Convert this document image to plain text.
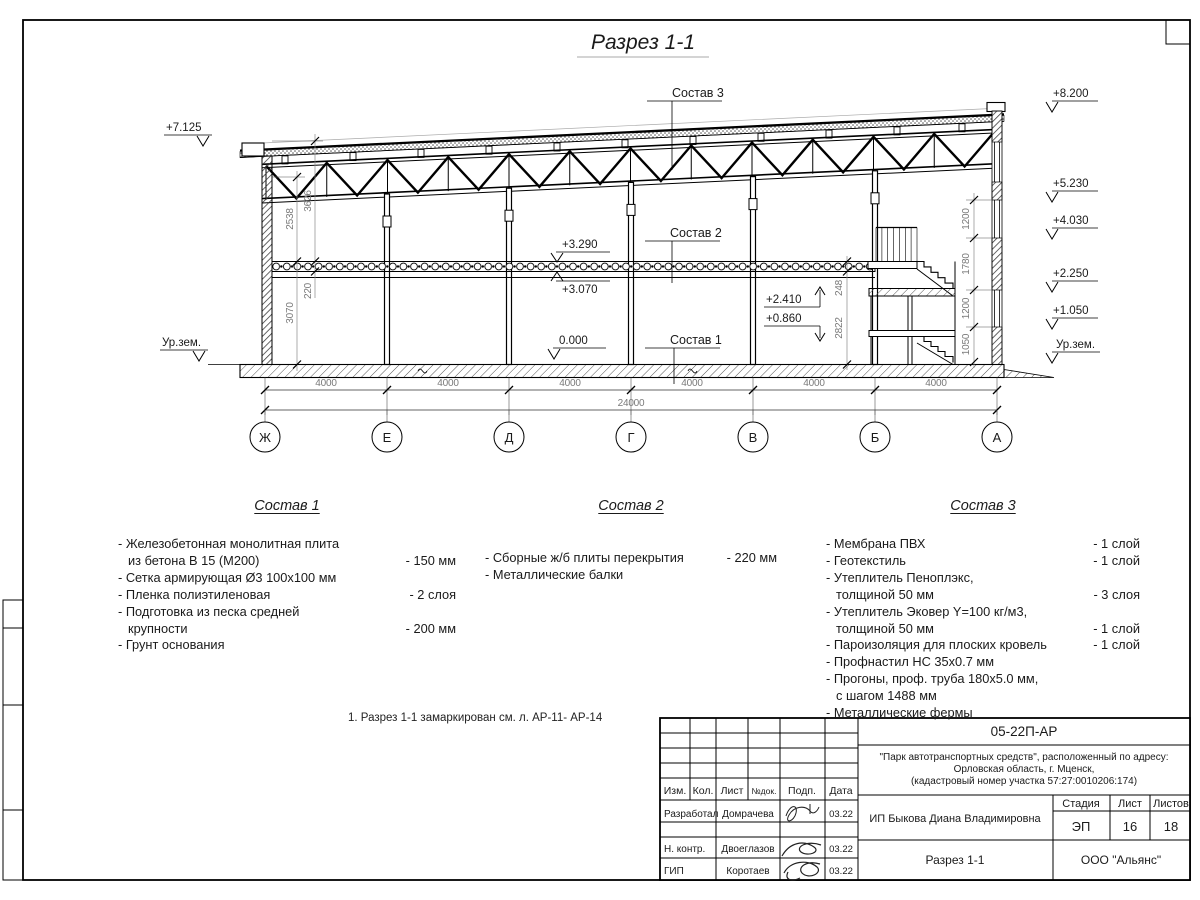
Разрез 1-1
+7.125
Ур.зем.
+8.200
+5.230
+4.030
+2.250
+1.050
Ур.зем.
+3.290
+3.070
0.000
+2.410
+0.860
Состав 3
Состав 2
Состав 1
2538
3070
3626
220	248
2822
1200
1780
1200
1050
4000	4000	4000	4000	4000	4000
24000
Ж	Е	Д	Г	В	Б	А
Изм. Кол. Лист №док. Подп. Дата
Разработал Домрачева	03.22
Н. контр. Двоеглазов	03.22
ГИП	Коротаев	03.22
05-22П-АР
"Парк автотранспортных средств", расположенный по адресу:
Орловская область, г. Мценск,
(кадастровый номер участка 57:27:0010206:174)
ИП Быкова Диана Владимировна
Разрез 1-1
Стадия Лист Листов
ЭП 16 18
ООО "Альянс"
Состав 1
- Железобетонная монолитная плита
из бетона В 15 (М200)	- 150 мм
- Сетка армирующая Ø3 100х100 мм
- Пленка полиэтиленовая	- 2 слоя
- Подготовка из песка средней
крупности	- 200 мм
- Грунт основания
Состав 2
- Сборные ж/б плиты перекрытия	- 220 мм
- Металлические балки
Состав 3
- Мембрана ПВХ	- 1 слой
- Геотекстиль	- 1 слой
- Утеплитель Пеноплэкс,
толщиной 50 мм	- 3 слоя
- Утеплитель Эковер Y=100 кг/м3,
толщиной 50 мм	- 1 слой
- Пароизоляция для плоских кровель	- 1 слой
- Профнастил НС 35х0.7 мм
- Прогоны, проф. труба 180х5.0 мм,
с шагом 1488 мм
- Металлические фермы
1. Разрез 1-1 замаркирован см. л. АР-11- АР-14
